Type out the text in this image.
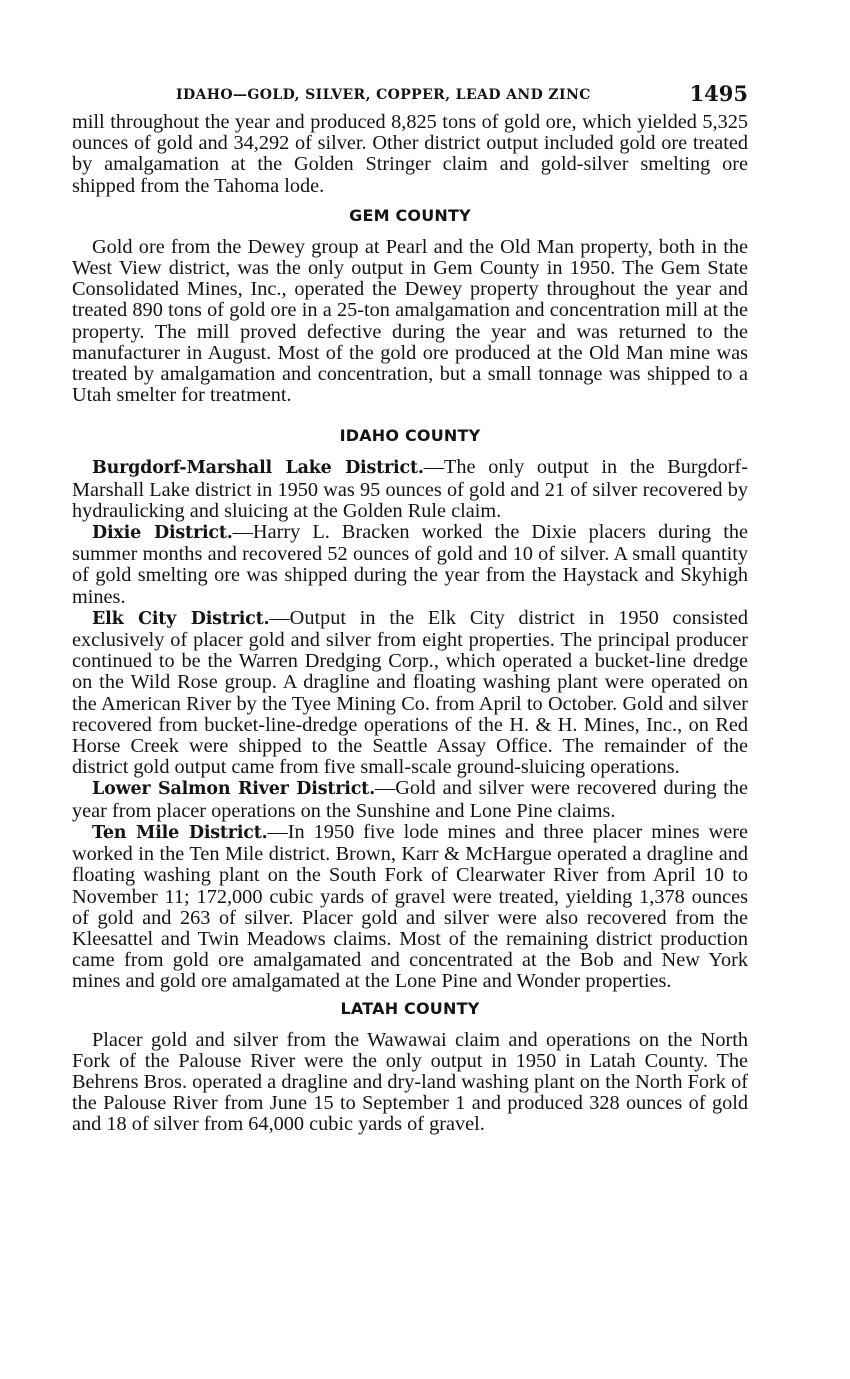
IDAHO—GOLD, SILVER, COPPER, LEAD AND ZINC	1495

mill throughout the year and produced 8,825 tons of gold ore, which yielded 5,325 ounces of gold and 34,292 of silver. Other district output included gold ore treated by amalgamation at the Golden Stringer claim and gold-silver smelting ore shipped from the Tahoma lode.

GEM COUNTY

Gold ore from the Dewey group at Pearl and the Old Man property, both in the West View district, was the only output in Gem County in 1950. The Gem State Consolidated Mines, Inc., operated the Dewey property throughout the year and treated 890 tons of gold ore in a 25-ton amalgamation and concentration mill at the property. The mill proved defective during the year and was returned to the manufacturer in August. Most of the gold ore produced at the Old Man mine was treated by amalgamation and concentration, but a small tonnage was shipped to a Utah smelter for treatment.

IDAHO COUNTY

Burgdorf-Marshall Lake District.—The only output in the Burgdorf-Marshall Lake district in 1950 was 95 ounces of gold and 21 of silver recovered by hydraulicking and sluicing at the Golden Rule claim.

Dixie District.—Harry L. Bracken worked the Dixie placers during the summer months and recovered 52 ounces of gold and 10 of silver. A small quantity of gold smelting ore was shipped during the year from the Haystack and Skyhigh mines.

Elk City District.—Output in the Elk City district in 1950 consisted exclusively of placer gold and silver from eight properties. The principal producer continued to be the Warren Dredging Corp., which operated a bucket-line dredge on the Wild Rose group. A dragline and floating washing plant were operated on the American River by the Tyee Mining Co. from April to October. Gold and silver recovered from bucket-line-dredge operations of the H. & H. Mines, Inc., on Red Horse Creek were shipped to the Seattle Assay Office. The remainder of the district gold output came from five small-scale ground-sluicing operations.

Lower Salmon River District.—Gold and silver were recovered during the year from placer operations on the Sunshine and Lone Pine claims.

Ten Mile District.—In 1950 five lode mines and three placer mines were worked in the Ten Mile district. Brown, Karr & McHargue operated a dragline and floating washing plant on the South Fork of Clearwater River from April 10 to November 11; 172,000 cubic yards of gravel were treated, yielding 1,378 ounces of gold and 263 of silver. Placer gold and silver were also recovered from the Kleesattel and Twin Meadows claims. Most of the remaining district production came from gold ore amalgamated and concentrated at the Bob and New York mines and gold ore amalgamated at the Lone Pine and Wonder properties.

LATAH COUNTY

Placer gold and silver from the Wawawai claim and operations on the North Fork of the Palouse River were the only output in 1950 in Latah County. The Behrens Bros. operated a dragline and dry-land washing plant on the North Fork of the Palouse River from June 15 to September 1 and produced 328 ounces of gold and 18 of silver from 64,000 cubic yards of gravel.
